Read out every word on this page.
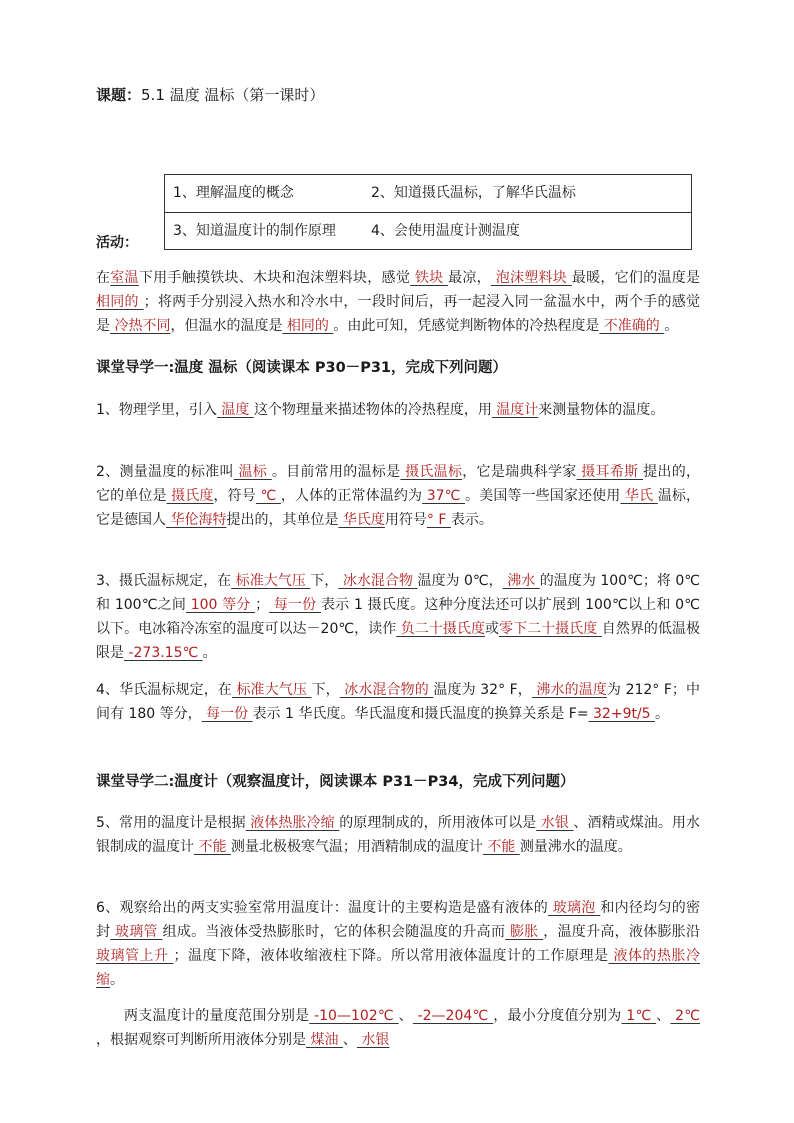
课题：5.1 温度 温标（第一课时）
1、理解温度的概念	2、知道摄氏温标，了解华氏温标
3、知道温度计的制作原理	4、会使用温度计测温度
活动：
在室温下用手触摸铁块、木块和泡沫塑料块，感觉 铁块 最凉， 泡沫塑料块 最暖，它们的温度是相同的 ；将两手分别浸入热水和冷水中，一段时间后，再一起浸入同一盆温水中，两个手的感觉是 冷热不同，但温水的温度是 相同的 。由此可知，凭感觉判断物体的冷热程度是 不准确的 。
课堂导学一:温度 温标（阅读课本 P30－P31，完成下列问题）
1、物理学里，引入 温度 这个物理量来描述物体的冷热程度，用 温度计来测量物体的温度。
2、测量温度的标准叫 温标 。目前常用的温标是 摄氏温标，它是瑞典科学家 摄耳希斯 提出的，它的单位是 摄氏度，符号 ℃ ，人体的正常体温约为 37℃ 。美国等一些国家还使用 华氏 温标，它是德国人 华伦海特提出的，其单位是 华氏度用符号° F 表示。
3、摄氏温标规定，在 标准大气压 下， 冰水混合物 温度为 0℃， 沸水 的温度为 100℃；将 0℃和 100℃之间 100 等分 ； 每一份 表示 1 摄氏度。这种分度法还可以扩展到 100℃以上和 0℃以下。电冰箱冷冻室的温度可以达－20℃，读作 负二十摄氏度或零下二十摄氏度 自然界的低温极限是 -273.15℃ 。
4、华氏温标规定，在 标准大气压 下， 冰水混合物的 温度为 32° F， 沸水的温度为 212° F；中间有 180 等分， 每一份 表示 1 华氏度。华氏温度和摄氏温度的换算关系是 F= 32+9t/5 。
课堂导学二:温度计（观察温度计，阅读课本 P31－P34，完成下列问题）
5、常用的温度计是根据 液体热胀冷缩 的原理制成的，所用液体可以是 水银 、酒精或煤油。用水银制成的温度计 不能 测量北极极寒气温；用酒精制成的温度计 不能 测量沸水的温度。
6、观察给出的两支实验室常用温度计：温度计的主要构造是盛有液体的 玻璃泡 和内径均匀的密封 玻璃管 组成。当液体受热膨胀时，它的体积会随温度的升高而 膨胀 ，温度升高，液体膨胀沿 玻璃管上升 ；温度下降，液体收缩液柱下降。所以常用液体温度计的工作原理是 液体的热胀冷缩。
两支温度计的量度范围分别是 -10—102℃ 、 -2—204℃ ，最小分度值分别为 1℃ 、 2℃ ，根据观察可判断所用液体分别是 煤油 、 水银
